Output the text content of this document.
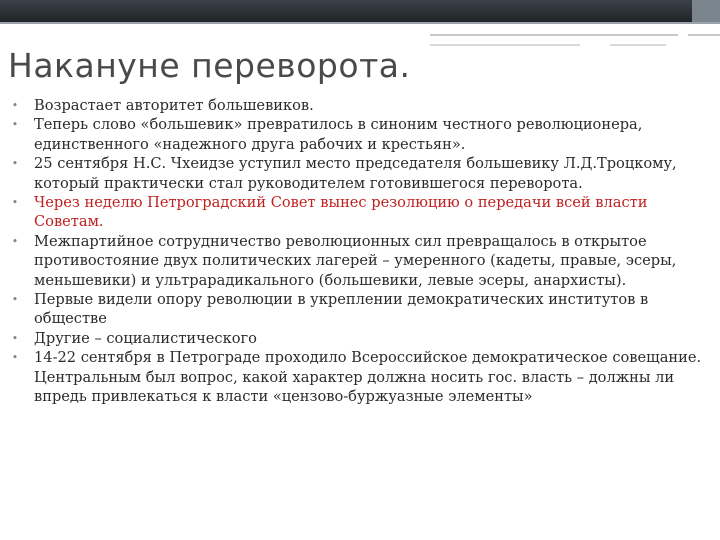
Накануне переворота.
• Возрастает авторитет большевиков.
• Теперь слово «большевик» превратилось в синоним честного революционера, единственного «надежного друга рабочих и крестьян».
• 25 сентября Н.С. Чхеидзе уступил место председателя большевику Л.Д.Троцкому, который практически стал руководителем готовившегося переворота.
• Через неделю Петроградский Совет вынес резолюцию о передачи всей власти Советам.
• Межпартийное сотрудничество революционных сил превращалось в открытое противостояние двух политических лагерей – умеренного (кадеты, правые, эсеры, меньшевики) и ультрарадикального (большевики, левые эсеры, анархисты).
• Первые видели опору революции в укреплении демократических институтов в обществе
• Другие – социалистического
• 14-22 сентября в Петрограде проходило Всероссийское демократическое совещание. Центральным был вопрос, какой характер должна носить гос. власть – должны ли впредь привлекаться к власти «цензово-буржуазные элементы»
